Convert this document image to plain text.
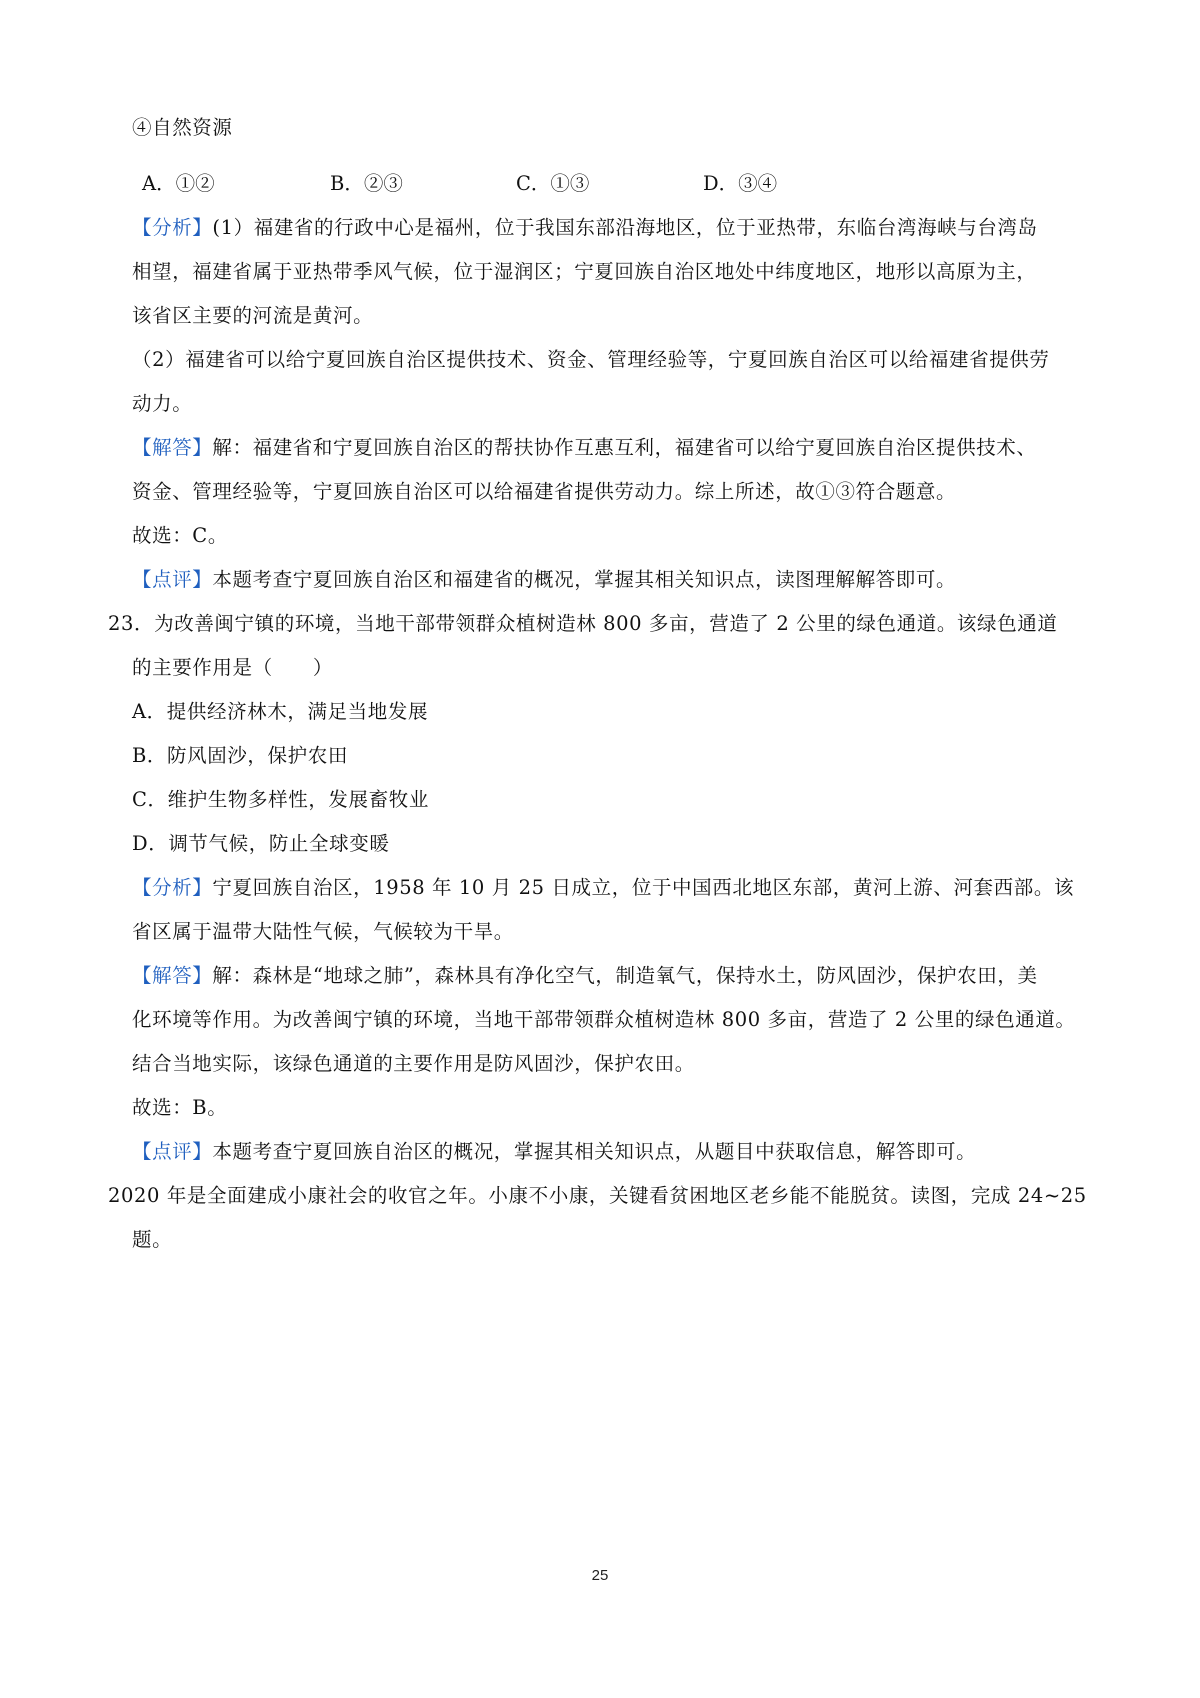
④自然资源
A．①②	B．②③	C．①③	D．③④
【分析】(1）福建省的行政中心是福州，位于我国东部沿海地区，位于亚热带，东临台湾海峡与台湾岛
相望，福建省属于亚热带季风气候，位于湿润区；宁夏回族自治区地处中纬度地区，地形以高原为主，
该省区主要的河流是黄河。
（2）福建省可以给宁夏回族自治区提供技术、资金、管理经验等，宁夏回族自治区可以给福建省提供劳
动力。
【解答】解：福建省和宁夏回族自治区的帮扶协作互惠互利，福建省可以给宁夏回族自治区提供技术、
资金、管理经验等，宁夏回族自治区可以给福建省提供劳动力。综上所述，故①③符合题意。
故选：C。
【点评】本题考查宁夏回族自治区和福建省的概况，掌握其相关知识点，读图理解解答即可。
23．为改善闽宁镇的环境，当地干部带领群众植树造林 800 多亩，营造了 2 公里的绿色通道。该绿色通道
的主要作用是（　　）
A．提供经济林木，满足当地发展
B．防风固沙，保护农田
C．维护生物多样性，发展畜牧业
D．调节气候，防止全球变暖
【分析】宁夏回族自治区，1958 年 10 月 25 日成立，位于中国西北地区东部，黄河上游、河套西部。该
省区属于温带大陆性气候，气候较为干旱。
【解答】解：森林是“地球之肺”，森林具有净化空气，制造氧气，保持水土，防风固沙，保护农田，美
化环境等作用。为改善闽宁镇的环境，当地干部带领群众植树造林 800 多亩，营造了 2 公里的绿色通道。
结合当地实际，该绿色通道的主要作用是防风固沙，保护农田。
故选：B。
【点评】本题考查宁夏回族自治区的概况，掌握其相关知识点，从题目中获取信息，解答即可。
2020 年是全面建成小康社会的收官之年。小康不小康，关键看贫困地区老乡能不能脱贫。读图，完成 24~25
题。
25
